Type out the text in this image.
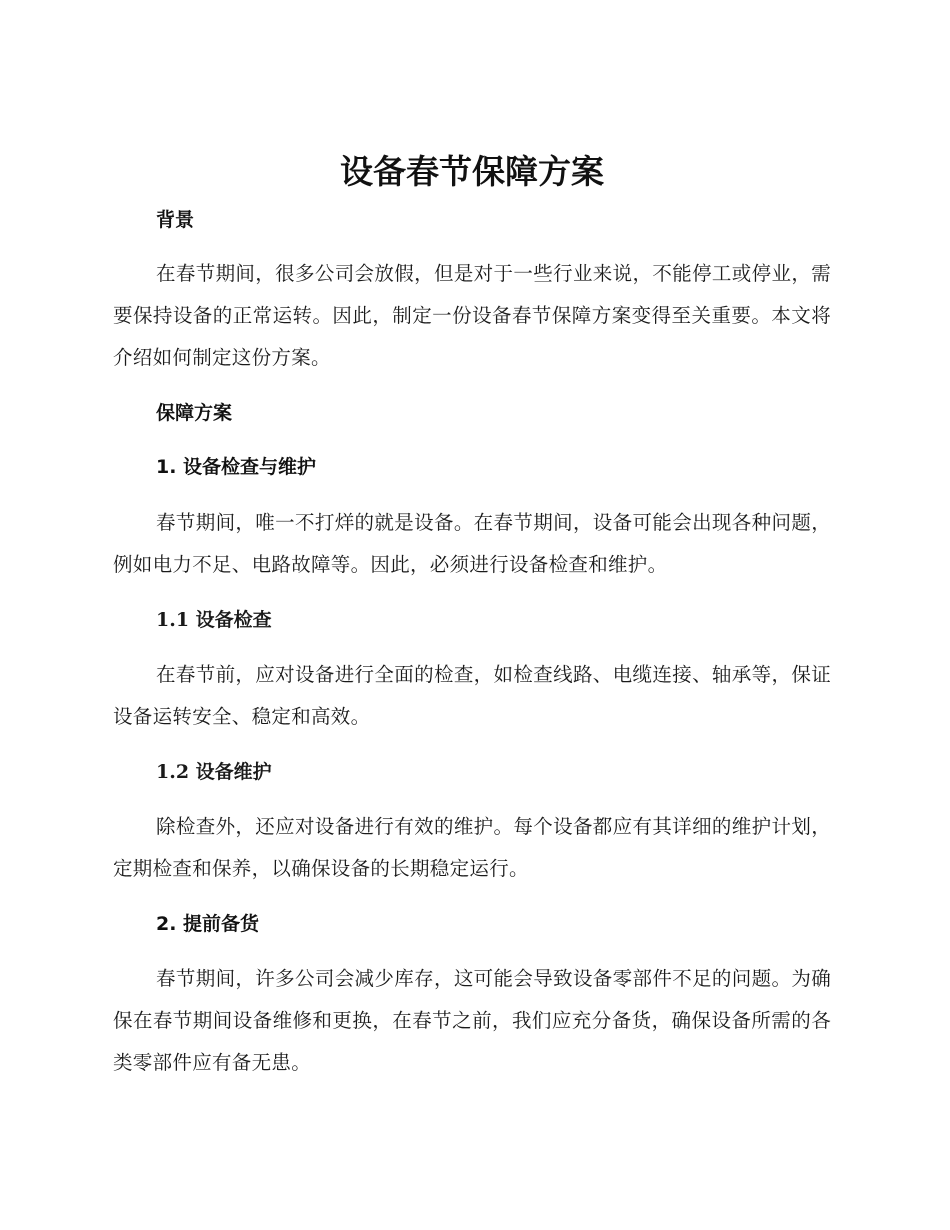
设备春节保障方案
背景

在春节期间，很多公司会放假，但是对于一些行业来说，不能停工或停业，需要保持设备的正常运转。因此，制定一份设备春节保障方案变得至关重要。本文将介绍如何制定这份方案。

保障方案
1. 设备检查与维护

春节期间，唯一不打烊的就是设备。在春节期间，设备可能会出现各种问题，例如电力不足、电路故障等。因此，必须进行设备检查和维护。

1.1 设备检查

在春节前，应对设备进行全面的检查，如检查线路、电缆连接、轴承等，保证设备运转安全、稳定和高效。

1.2 设备维护

除检查外，还应对设备进行有效的维护。每个设备都应有其详细的维护计划，定期检查和保养，以确保设备的长期稳定运行。

2. 提前备货

春节期间，许多公司会减少库存，这可能会导致设备零部件不足的问题。为确保在春节期间设备维修和更换，在春节之前，我们应充分备货，确保设备所需的各类零部件应有备无患。
